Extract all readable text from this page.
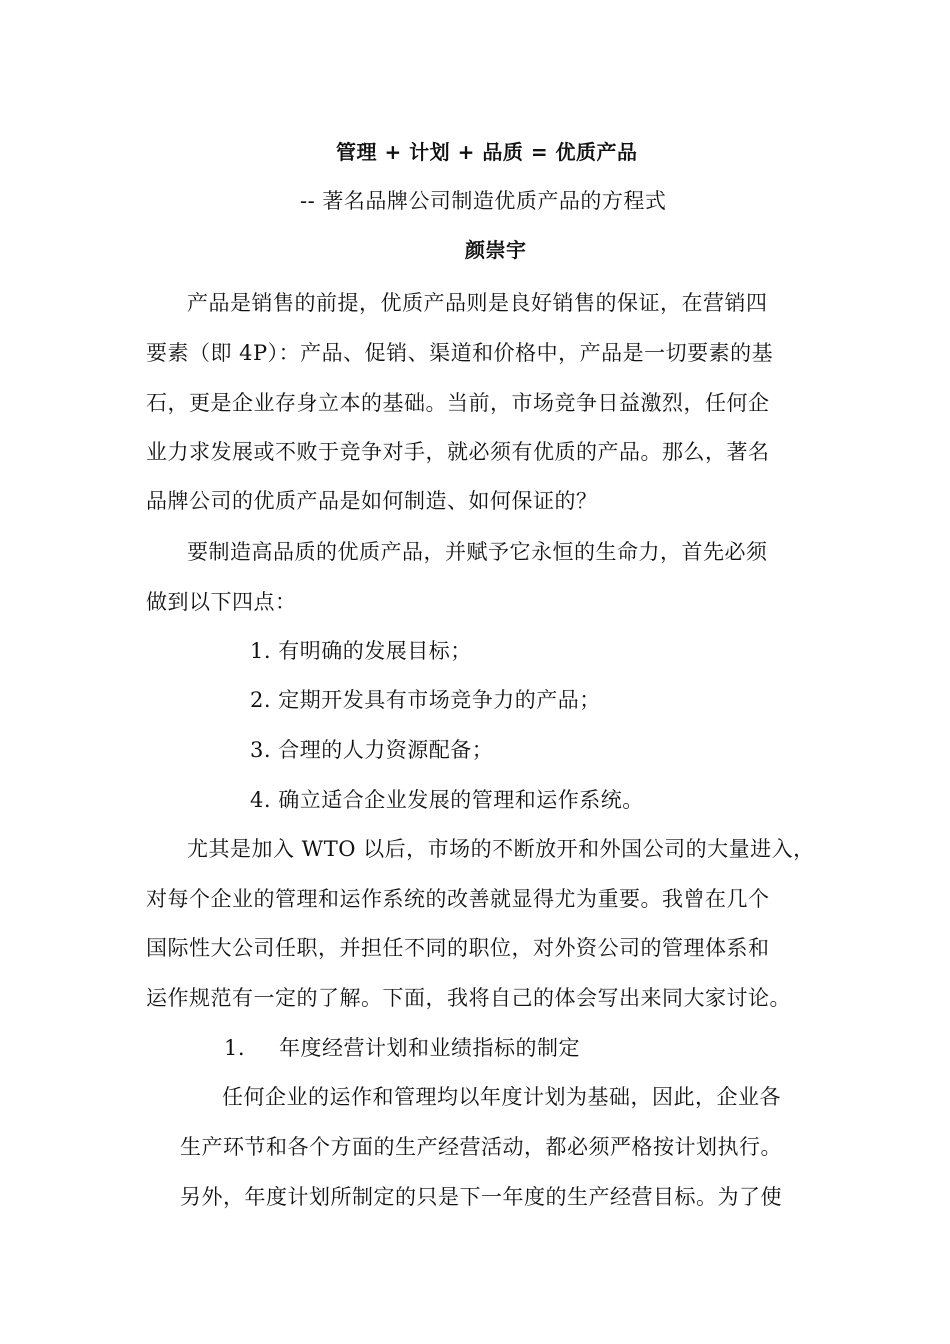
管理 + 计划 + 品质 = 优质产品
-- 著名品牌公司制造优质产品的方程式
颜崇宇
产品是销售的前提，优质产品则是良好销售的保证，在营销四
要素（即 4P）：产品、促销、渠道和价格中，产品是一切要素的基
石，更是企业存身立本的基础。当前，市场竞争日益激烈，任何企
业力求发展或不败于竞争对手，就必须有优质的产品。那么，著名
品牌公司的优质产品是如何制造、如何保证的？
要制造高品质的优质产品，并赋予它永恒的生命力，首先必须
做到以下四点：
1. 有明确的发展目标；
2. 定期开发具有市场竞争力的产品；
3. 合理的人力资源配备；
4. 确立适合企业发展的管理和运作系统。
尤其是加入 WTO 以后，市场的不断放开和外国公司的大量进入，
对每个企业的管理和运作系统的改善就显得尤为重要。我曾在几个
国际性大公司任职，并担任不同的职位，对外资公司的管理体系和
运作规范有一定的了解。下面，我将自己的体会写出来同大家讨论。
1. 年度经营计划和业绩指标的制定
任何企业的运作和管理均以年度计划为基础，因此，企业各
生产环节和各个方面的生产经营活动，都必须严格按计划执行。
另外，年度计划所制定的只是下一年度的生产经营目标。为了使
